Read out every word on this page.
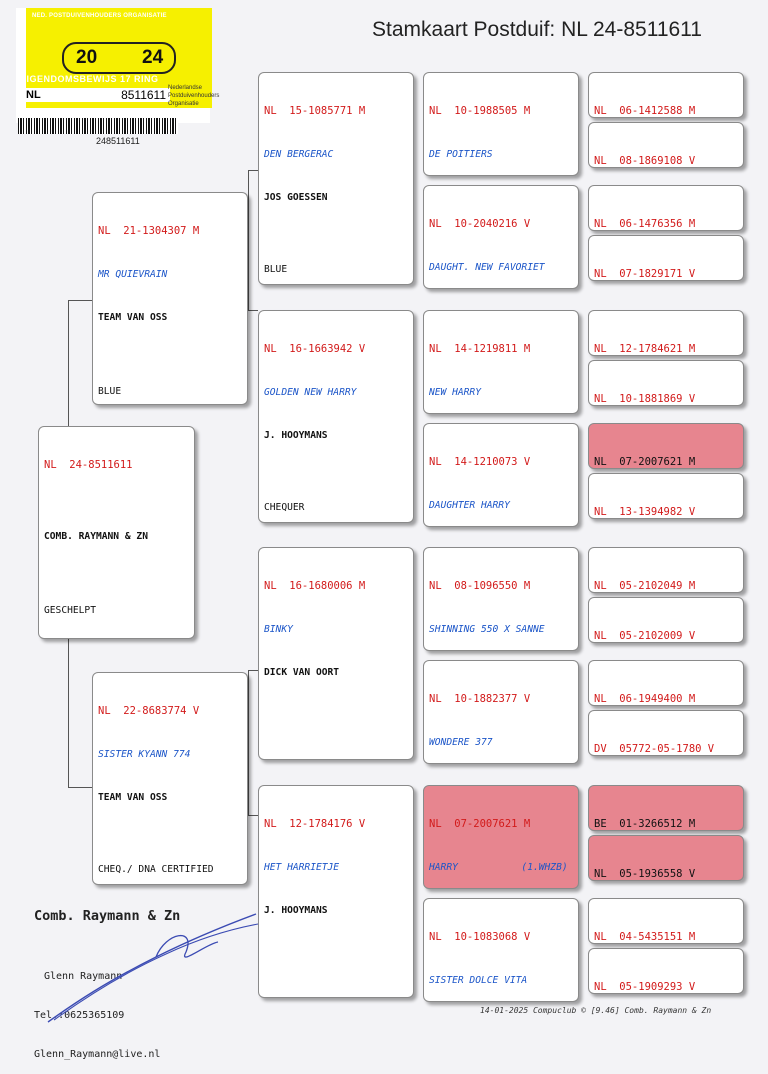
Stamkaart Postduif: NL 24-8511611
NED. POSTDUIVENHOUDERS ORGANISATIE
20 24
EIGENDOMSBEWIJS 17 RING
NL	8511611 Nederlandse
Postduivenhouders
Organisatie
248511611

NL  24-8511611

COMB. RAYMANN & ZN

GESCHELPT

NL  21-1304307 M

MR QUIEVRAIN

TEAM VAN OSS

BLUE

NL  22-8683774 V

SISTER KYANN 774

TEAM VAN OSS

CHEQ./ DNA CERTIFIED

NL  15-1085771 M

DEN BERGERAC

JOS GOESSEN

BLUE

NL  16-1663942 V

GOLDEN NEW HARRY

J. HOOYMANS

CHEQUER

NL  16-1680006 M

BINKY

DICK VAN OORT

NL  12-1784176 V

HET HARRIETJE

J. HOOYMANS

NL  10-1988505 M

DE POITIERS

NL  10-2040216 V

DAUGHT. NEW FAVORIET

NL  14-1219811 M

NEW HARRY

NL  14-1210073 V

DAUGHTER HARRY

NL  08-1096550 M

SHINNING 550 X SANNE

NL  10-1882377 V

WONDERE 377

NL  07-2007621 M

HARRY           (1.WHZB)

NL  10-1083068 V

SISTER DOLCE VITA

NL  06-1412588 M

NL  08-1869108 V

NL  06-1476356 M

NL  07-1829171 V

NL  12-1784621 M

NL  10-1881869 V

NL  07-2007621 M

NL  13-1394982 V

NL  05-2102049 M

NL  05-2102009 V

NL  06-1949400 M

DV  05772-05-1780 V

BE  01-3266512 M

NL  05-1936558 V

NL  04-5435151 M

NL  05-1909293 V

Comb. Raymann & Zn

Glenn Raymann

Tel.:0625365109

Glenn_Raymann@live.nl

14-01-2025 Compuclub © [9.46] Comb. Raymann & Zn
